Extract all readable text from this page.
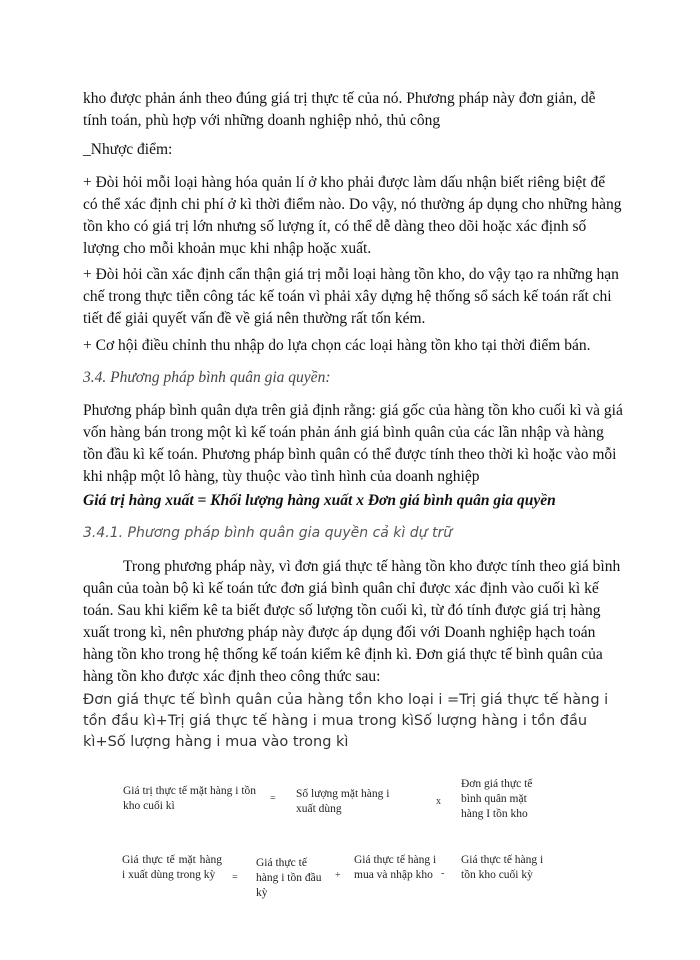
kho được phản ánh theo đúng giá trị thực tế của nó. Phương pháp này đơn giản, dễ tính toán, phù hợp với những doanh nghiệp nhỏ, thủ công

_Nhược điểm:

+ Đòi hỏi mỗi loại hàng hóa quản lí ở kho phải được làm dấu nhận biết riêng biệt để có thể xác định chi phí ở kì thời điểm nào. Do vậy, nó thường áp dụng cho những hàng tồn kho có giá trị lớn nhưng số lượng ít, có thể dễ dàng theo dõi hoặc xác định số lượng cho mỗi khoản mục khi nhập hoặc xuất.

+ Đòi hỏi cần xác định cẩn thận giá trị mỗi loại hàng tồn kho, do vậy tạo ra những hạn chế trong thực tiễn công tác kế toán vì phải xây dựng hệ thống sổ sách kế toán rất chi tiết để giải quyết vấn đề về giá nên thường rất tốn kém.

+ Cơ hội điều chỉnh thu nhập do lựa chọn các loại hàng tồn kho tại thời điểm bán.

3.4. Phương pháp bình quân gia quyền:

Phương pháp bình quân dựa trên giả định rằng: giá gốc của hàng tồn kho cuối kì và giá vốn hàng bán trong một kì kế toán phản ánh giá bình quân của các lần nhập và hàng tồn đầu kì kế toán. Phương pháp bình quân có thể được tính theo thời kì hoặc vào mỗi khi nhập một lô hàng, tùy thuộc vào tình hình của doanh nghiệp

Giá trị hàng xuất = Khối lượng hàng xuất x Đơn giá bình quân gia quyền
3.4.1. Phương pháp bình quân gia quyền cả kì dự trữ

Trong phương pháp này, vì đơn giá thực tế hàng tồn kho được tính theo giá bình quân của toàn bộ kì kế toán tức đơn giá bình quân chỉ được xác định vào cuối kì kế toán. Sau khi kiểm kê ta biết được số lượng tồn cuối kì, từ đó tính được giá trị hàng xuất trong kì, nên phương pháp này được áp dụng đối với Doanh nghiệp hạch toán hàng tồn kho trong hệ thống kế toán kiểm kê định kì. Đơn giá thực tế bình quân của hàng tồn kho được xác định theo công thức sau:

Đơn giá thực tế bình quân của hàng tồn kho loại i =Trị giá thực tế hàng i tồn đầu kì+Trị giá thực tế hàng i mua trong kìSố lượng hàng i tồn đầu kì+Số lượng hàng i mua vào trong kì

Giá trị thực tế mặt hàng i tồn kho cuối kì
= Số lượng mặt hàng i xuất dùng
x
Đơn giá thực tế bình quân mặt hàng I tồn kho
Giá thực tế mặt hàng i xuất dùng trong kỳ	=
Giá thực tế hàng i tồn đầu kỳ
+
Giá thực tế hàng i mua và nhập kho -
Giá thực tế hàng i tồn kho cuối kỳ
